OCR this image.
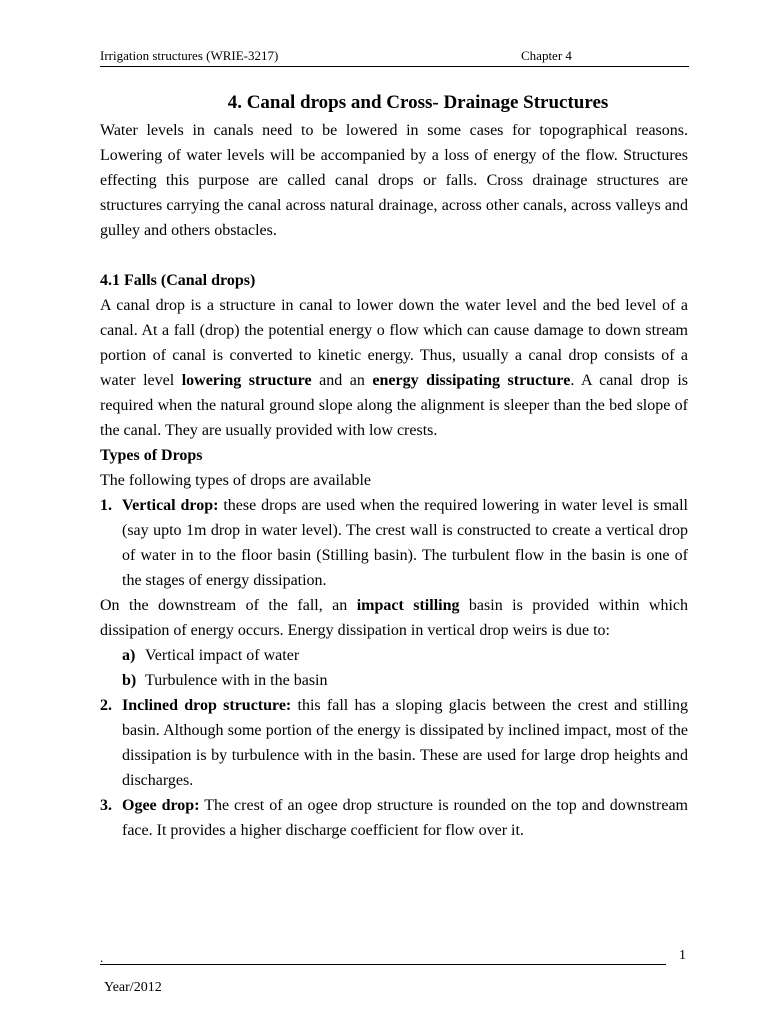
Irrigation structures (WRIE-3217)	Chapter 4
4. Canal drops and Cross- Drainage Structures

Water levels in canals need to be lowered in some cases for topographical reasons. Lowering of water levels will be accompanied by a loss of energy of the flow. Structures effecting this purpose are called canal drops or falls. Cross drainage structures are structures carrying the canal across natural drainage, across other canals, across valleys and gulley and others obstacles.

4.1 Falls (Canal drops)

A canal drop is a structure in canal to lower down the water level and the bed level of a canal. At a fall (drop) the potential energy o flow which can cause damage to down stream portion of canal is converted to kinetic energy. Thus, usually a canal drop consists of a water level lowering structure and an energy dissipating structure. A canal drop is required when the natural ground slope along the alignment is sleeper than the bed slope of the canal. They are usually provided with low crests.

Types of Drops

The following types of drops are available

1. Vertical drop: these drops are used when the required lowering in water level is small (say upto 1m drop in water level). The crest wall is constructed to create a vertical drop of water in to the floor basin (Stilling basin). The turbulent flow in the basin is one of the stages of energy dissipation.

On the downstream of the fall, an impact stilling basin is provided within which dissipation of energy occurs. Energy dissipation in vertical drop weirs is due to:

a) Vertical impact of water
b) Turbulence with in the basin
2. Inclined drop structure: this fall has a sloping glacis between the crest and stilling basin. Although some portion of the energy is dissipated by inclined impact, most of the dissipation is by turbulence with in the basin. These are used for large drop heights and discharges.
3. Ogee drop: The crest of an ogee drop structure is rounded on the top and downstream face. It provides a higher discharge coefficient for flow over it.
.	1
Year/2012
